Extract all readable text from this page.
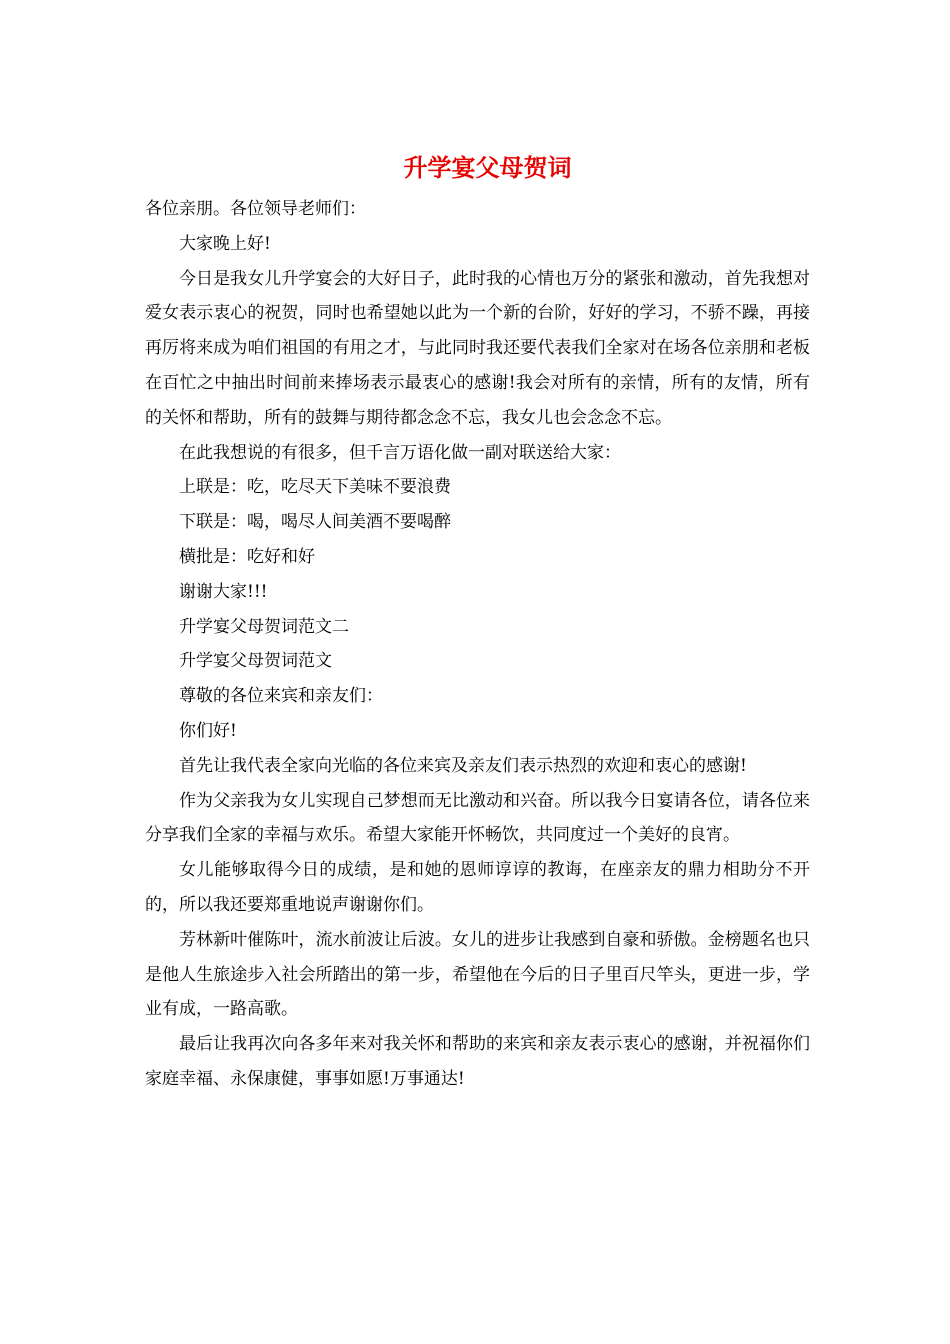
升学宴父母贺词

各位亲朋。各位领导老师们：

大家晚上好!

今日是我女儿升学宴会的大好日子，此时我的心情也万分的紧张和激动，首先我想对爱女表示衷心的祝贺，同时也希望她以此为一个新的台阶，好好的学习，不骄不躁，再接再厉将来成为咱们祖国的有用之才，与此同时我还要代表我们全家对在场各位亲朋和老板在百忙之中抽出时间前来捧场表示最衷心的感谢!我会对所有的亲情，所有的友情，所有的关怀和帮助，所有的鼓舞与期待都念念不忘，我女儿也会念念不忘。

在此我想说的有很多，但千言万语化做一副对联送给大家：

上联是：吃，吃尽天下美味不要浪费

下联是：喝，喝尽人间美酒不要喝醉

横批是：吃好和好

谢谢大家!!!

升学宴父母贺词范文二

升学宴父母贺词范文

尊敬的各位来宾和亲友们：

你们好!

首先让我代表全家向光临的各位来宾及亲友们表示热烈的欢迎和衷心的感谢!

作为父亲我为女儿实现自己梦想而无比激动和兴奋。所以我今日宴请各位，请各位来分享我们全家的幸福与欢乐。希望大家能开怀畅饮，共同度过一个美好的良宵。

女儿能够取得今日的成绩，是和她的恩师谆谆的教诲，在座亲友的鼎力相助分不开的，所以我还要郑重地说声谢谢你们。

芳林新叶催陈叶，流水前波让后波。女儿的进步让我感到自豪和骄傲。金榜题名也只是他人生旅途步入社会所踏出的第一步，希望他在今后的日子里百尺竿头，更进一步，学业有成，一路高歌。

最后让我再次向各多年来对我关怀和帮助的来宾和亲友表示衷心的感谢，并祝福你们家庭幸福、永保康健，事事如愿!万事通达!
